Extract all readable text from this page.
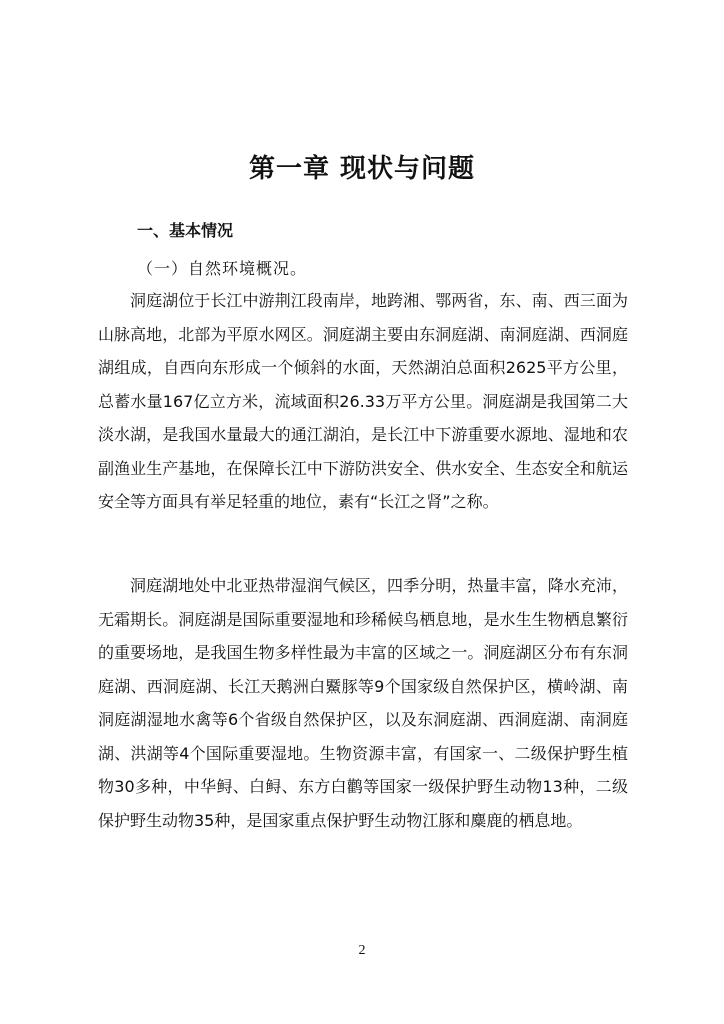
第一章 现状与问题
一、基本情况
（一）自然环境概况。

洞庭湖位于长江中游荆江段南岸，地跨湘、鄂两省，东、南、西三面为山脉高地，北部为平原水网区。洞庭湖主要由东洞庭湖、南洞庭湖、西洞庭湖组成，自西向东形成一个倾斜的水面，天然湖泊总面积2625平方公里，总蓄水量167亿立方米，流域面积26.33万平方公里。洞庭湖是我国第二大淡水湖，是我国水量最大的通江湖泊，是长江中下游重要水源地、湿地和农副渔业生产基地，在保障长江中下游防洪安全、供水安全、生态安全和航运安全等方面具有举足轻重的地位，素有“长江之肾”之称。

洞庭湖地处中北亚热带湿润气候区，四季分明，热量丰富，降水充沛，无霜期长。洞庭湖是国际重要湿地和珍稀候鸟栖息地，是水生生物栖息繁衍的重要场地，是我国生物多样性最为丰富的区域之一。洞庭湖区分布有东洞庭湖、西洞庭湖、长江天鹅洲白鱀豚等9个国家级自然保护区，横岭湖、南洞庭湖湿地水禽等6个省级自然保护区，以及东洞庭湖、西洞庭湖、南洞庭湖、洪湖等4个国际重要湿地。生物资源丰富，有国家一、二级保护野生植物30多种，中华鲟、白鲟、东方白鹳等国家一级保护野生动物13种，二级保护野生动物35种，是国家重点保护野生动物江豚和麋鹿的栖息地。

2
